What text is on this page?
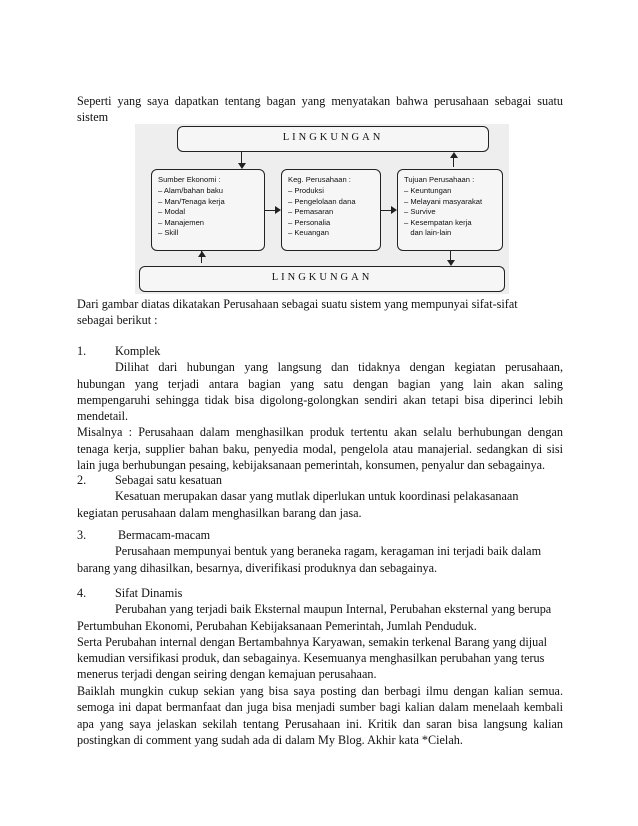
Seperti yang saya dapatkan tentang bagan yang menyatakan bahwa perusahaan sebagai suatu
sistem
LINGKUNGAN
Sumber Ekonomi :
– Alam/bahan baku
– Man/Tenaga kerja
– Modal
– Manajemen
– Skill
Keg. Perusahaan :
– Produksi
– Pengelolaan dana
– Pemasaran
– Personalia
– Keuangan
Tujuan Perusahaan :
– Keuntungan
– Melayani masyarakat
– Survive
– Kesempatan kerja
dan lain-lain
LINGKUNGAN
Dari gambar diatas dikatakan Perusahaan sebagai suatu sistem yang mempunyai sifat-sifat
sebagai berikut :
1. Komplek
Dilihat dari hubungan yang langsung dan tidaknya dengan kegiatan perusahaan,
hubungan yang terjadi antara bagian yang satu dengan bagian yang lain akan saling
mempengaruhi sehingga tidak bisa digolong-golongkan sendiri akan tetapi bisa diperinci lebih
mendetail.
Misalnya : Perusahaan dalam menghasilkan produk tertentu akan selalu berhubungan dengan
tenaga kerja, supplier bahan baku, penyedia modal, pengelola atau manajerial. sedangkan di sisi
lain juga berhubungan pesaing, kebijaksanaan pemerintah, konsumen, penyalur dan sebagainya.
2. Sebagai satu kesatuan
Kesatuan merupakan dasar yang mutlak diperlukan untuk koordinasi pelakasanaan
kegiatan perusahaan dalam menghasilkan barang dan jasa.
3. Bermacam-macam
Perusahaan mempunyai bentuk yang beraneka ragam, keragaman ini terjadi baik dalam
barang yang dihasilkan, besarnya, diverifikasi produknya dan sebagainya.
4. Sifat Dinamis
Perubahan yang terjadi baik Eksternal maupun Internal, Perubahan eksternal yang berupa
Pertumbuhan Ekonomi, Perubahan Kebijaksanaan Pemerintah, Jumlah Penduduk.
Serta Perubahan internal dengan Bertambahnya Karyawan, semakin terkenal Barang yang dijual
kemudian versifikasi produk, dan sebagainya. Kesemuanya menghasilkan perubahan yang terus
menerus terjadi dengan seiring dengan kemajuan perusahaan.
Baiklah mungkin cukup sekian yang bisa saya posting dan berbagi ilmu dengan kalian semua.
semoga ini dapat bermanfaat dan juga bisa menjadi sumber bagi kalian dalam menelaah kembali
apa yang saya jelaskan sekilah tentang Perusahaan ini. Kritik dan saran bisa langsung kalian
postingkan di comment yang sudah ada di dalam My Blog. Akhir kata *Cielah.
